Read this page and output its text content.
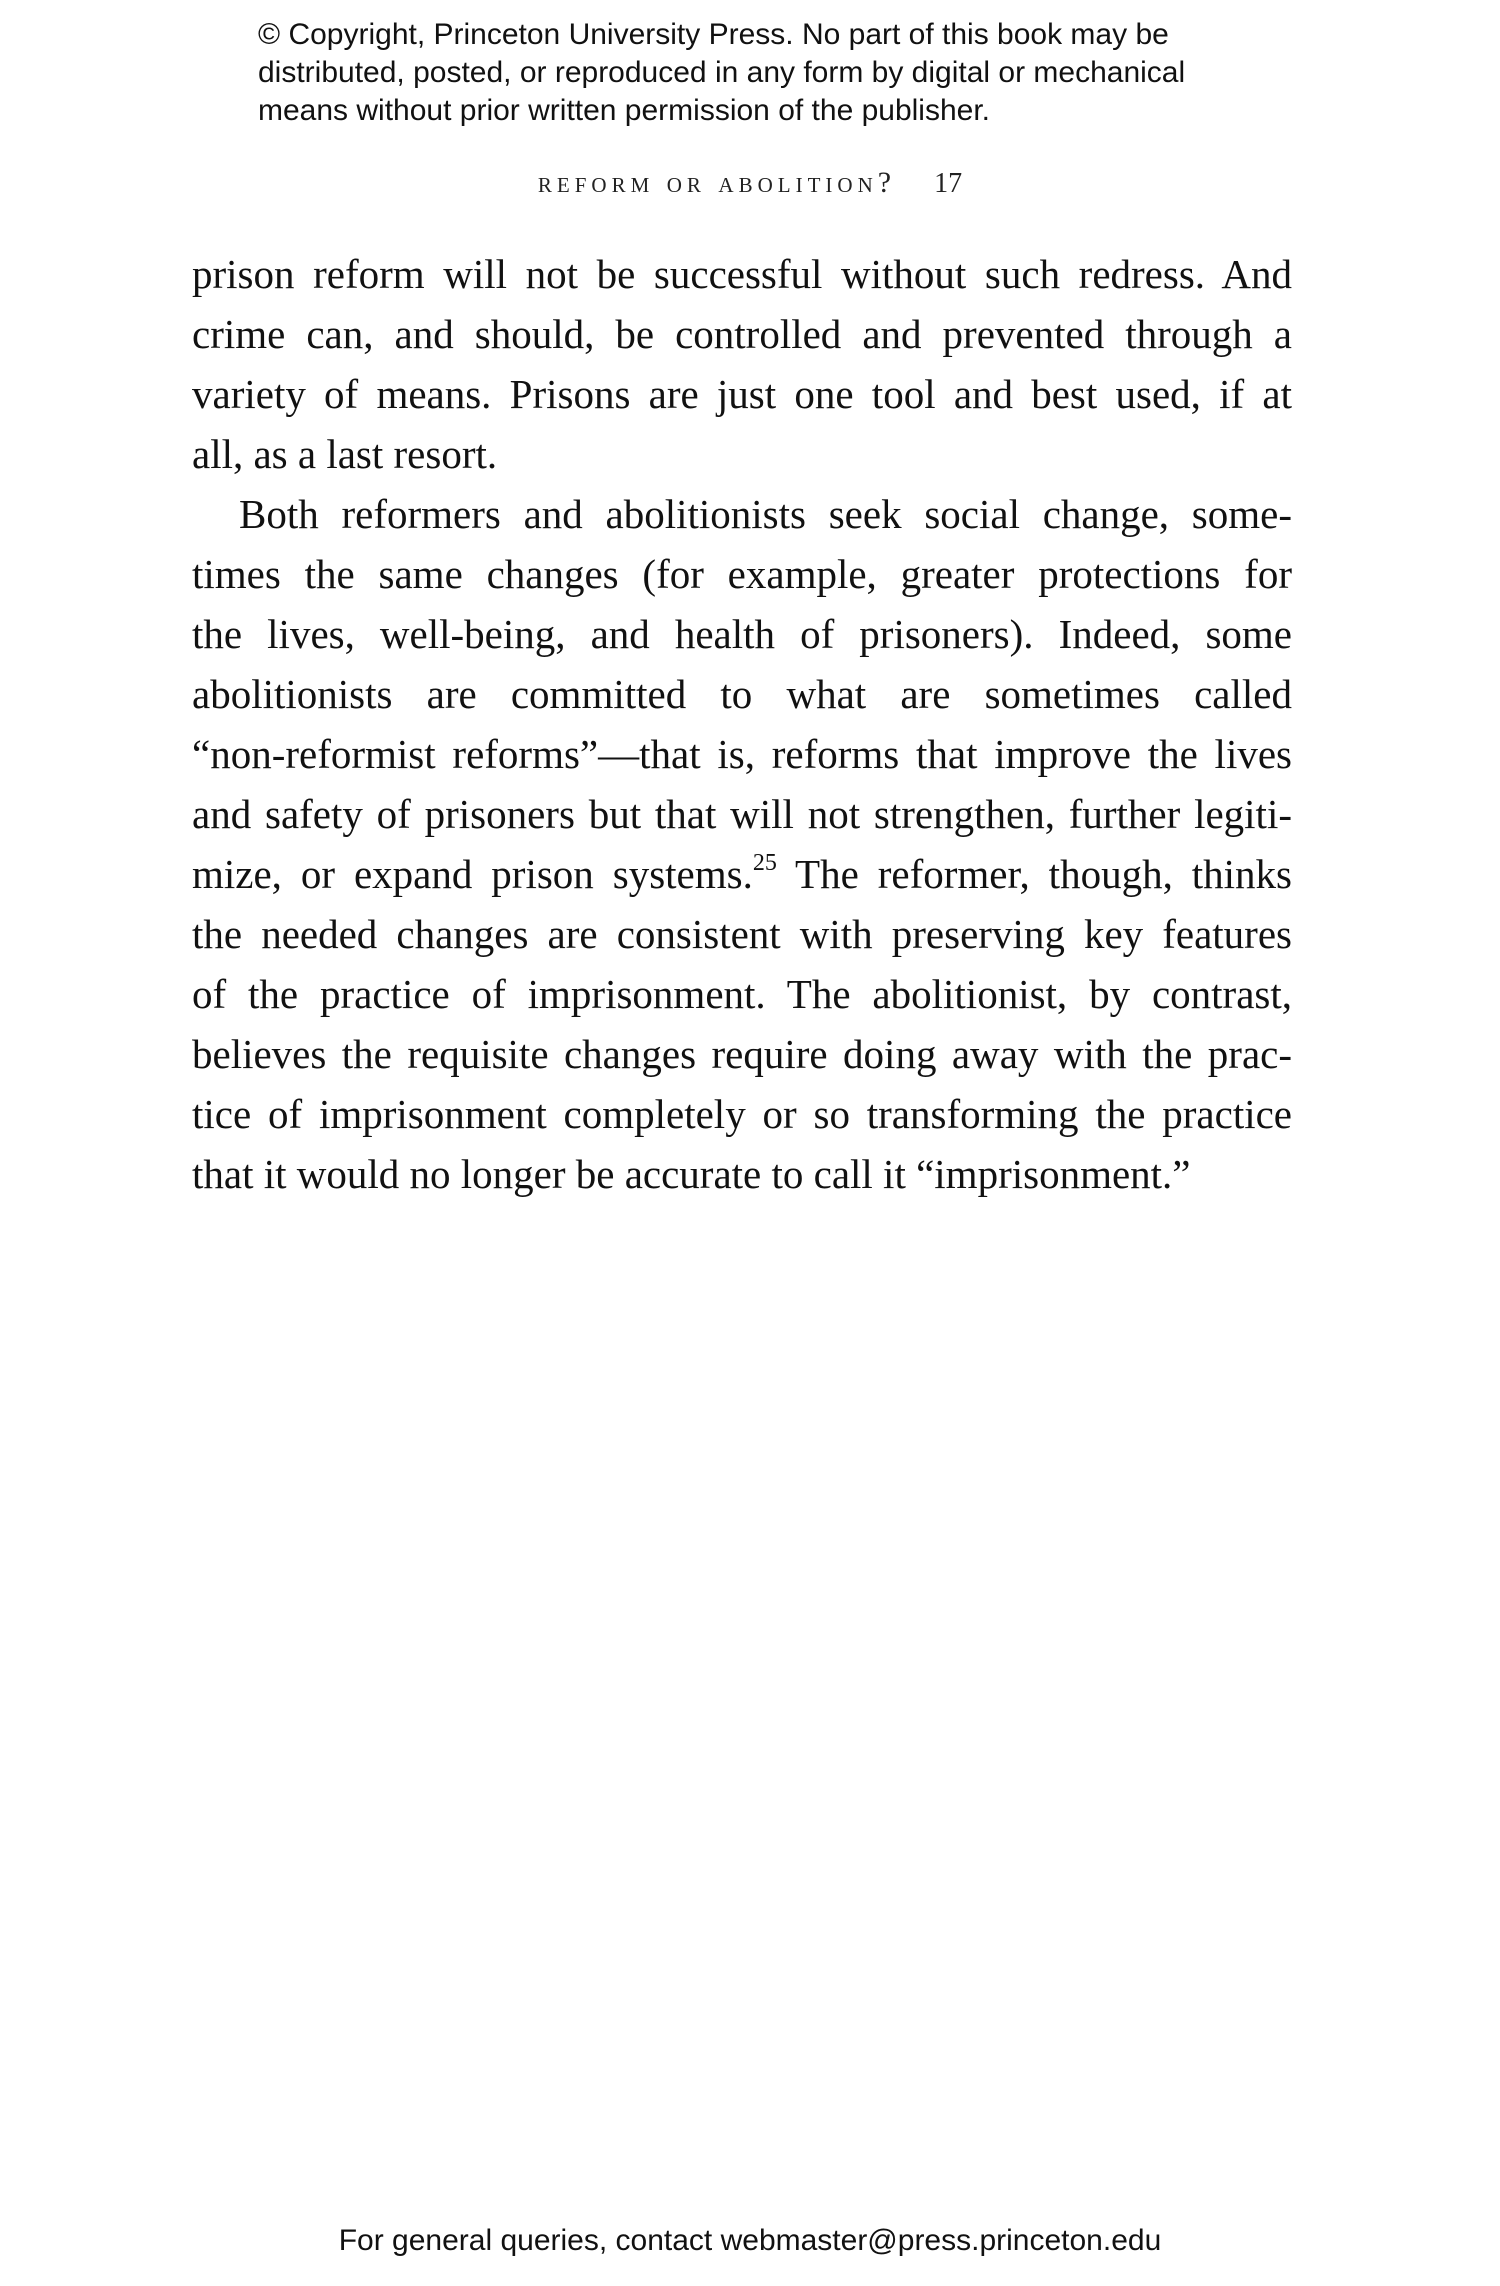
© Copyright, Princeton University Press. No part of this book may be
distributed, posted, or reproduced in any form by digital or mechanical
means without prior written permission of the publisher.
reform or abolition? 17
prison reform will not be successful without such redress. And
crime can, and should, be controlled and prevented through a
variety of means. Prisons are just one tool and best used, if at
all, as a last resort.
Both reformers and abolitionists seek social change, some-
times the same changes (for example, greater protections for
the lives, well-being, and health of prisoners). Indeed, some
abolitionists are committed to what are sometimes called
“non-reformist reforms”—that is, reforms that improve the lives
and safety of prisoners but that will not strengthen, further legiti-
mize, or expand prison systems.$^{25}$ The reformer, though, thinks
the needed changes are consistent with preserving key features
of the practice of imprisonment. The abolitionist, by contrast,
believes the requisite changes require doing away with the prac-
tice of imprisonment completely or so transforming the practice
that it would no longer be accurate to call it “imprisonment.”
For general queries, contact webmaster@press.princeton.edu
